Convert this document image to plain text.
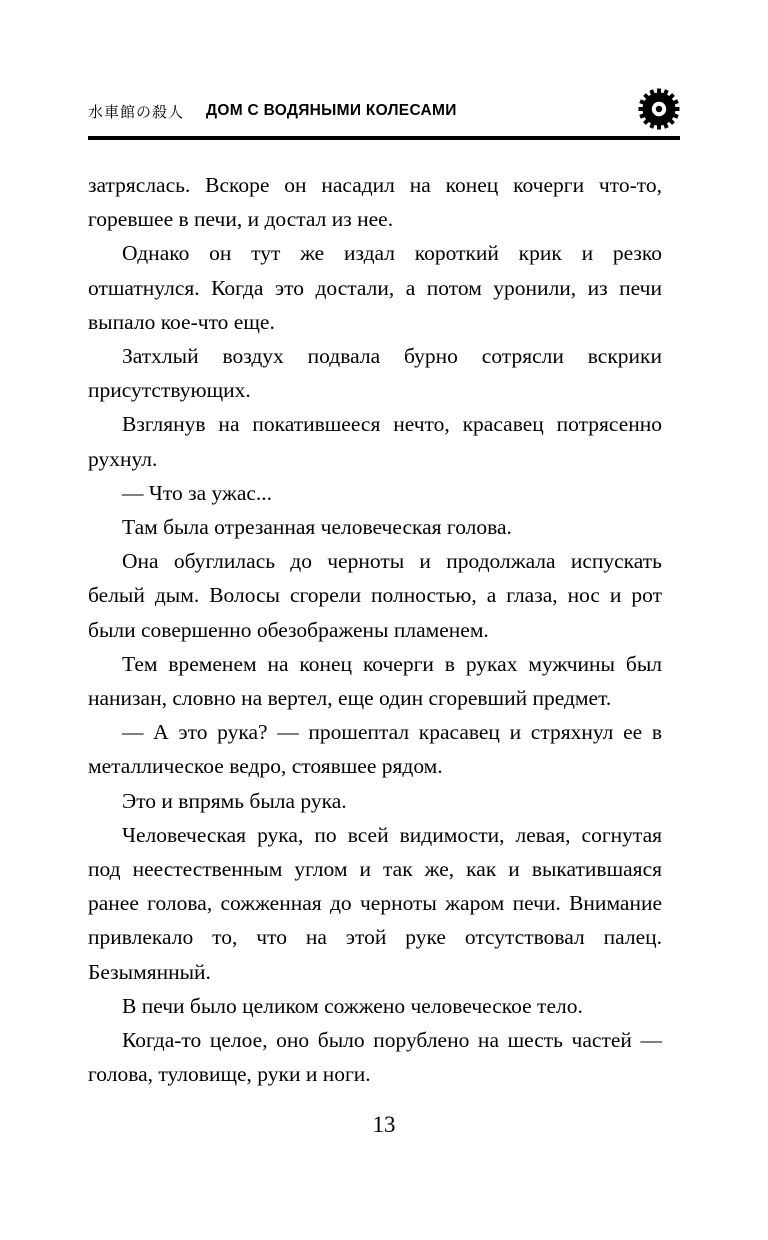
水車館の殺人 ДОМ С ВОДЯНЫМИ КОЛЕСАМИ

затряслась. Вскоре он насадил на конец кочерги что-то, горевшее в печи, и достал из нее.

Однако он тут же издал короткий крик и резко отшатнулся. Когда это достали, а потом уронили, из печи выпало кое-что еще.

Затхлый воздух подвала бурно сотрясли вскрики присутствующих.

Взглянув на покатившееся нечто, красавец потрясенно рухнул.

— Что за ужас...

Там была отрезанная человеческая голова.

Она обуглилась до черноты и продолжала испускать белый дым. Волосы сгорели полностью, а глаза, нос и рот были совершенно обезображены пламенем.

Тем временем на конец кочерги в руках мужчины был нанизан, словно на вертел, еще один сгоревший предмет.

— А это рука? — прошептал красавец и стряхнул ее в металлическое ведро, стоявшее рядом.

Это и впрямь была рука.

Человеческая рука, по всей видимости, левая, согнутая под неестественным углом и так же, как и выкатившаяся ранее голова, сожженная до черноты жаром печи. Внимание привлекало то, что на этой руке отсутствовал палец. Безымянный.

В печи было целиком сожжено человеческое тело.

Когда-то целое, оно было порублено на шесть частей — голова, туловище, руки и ноги.

13
